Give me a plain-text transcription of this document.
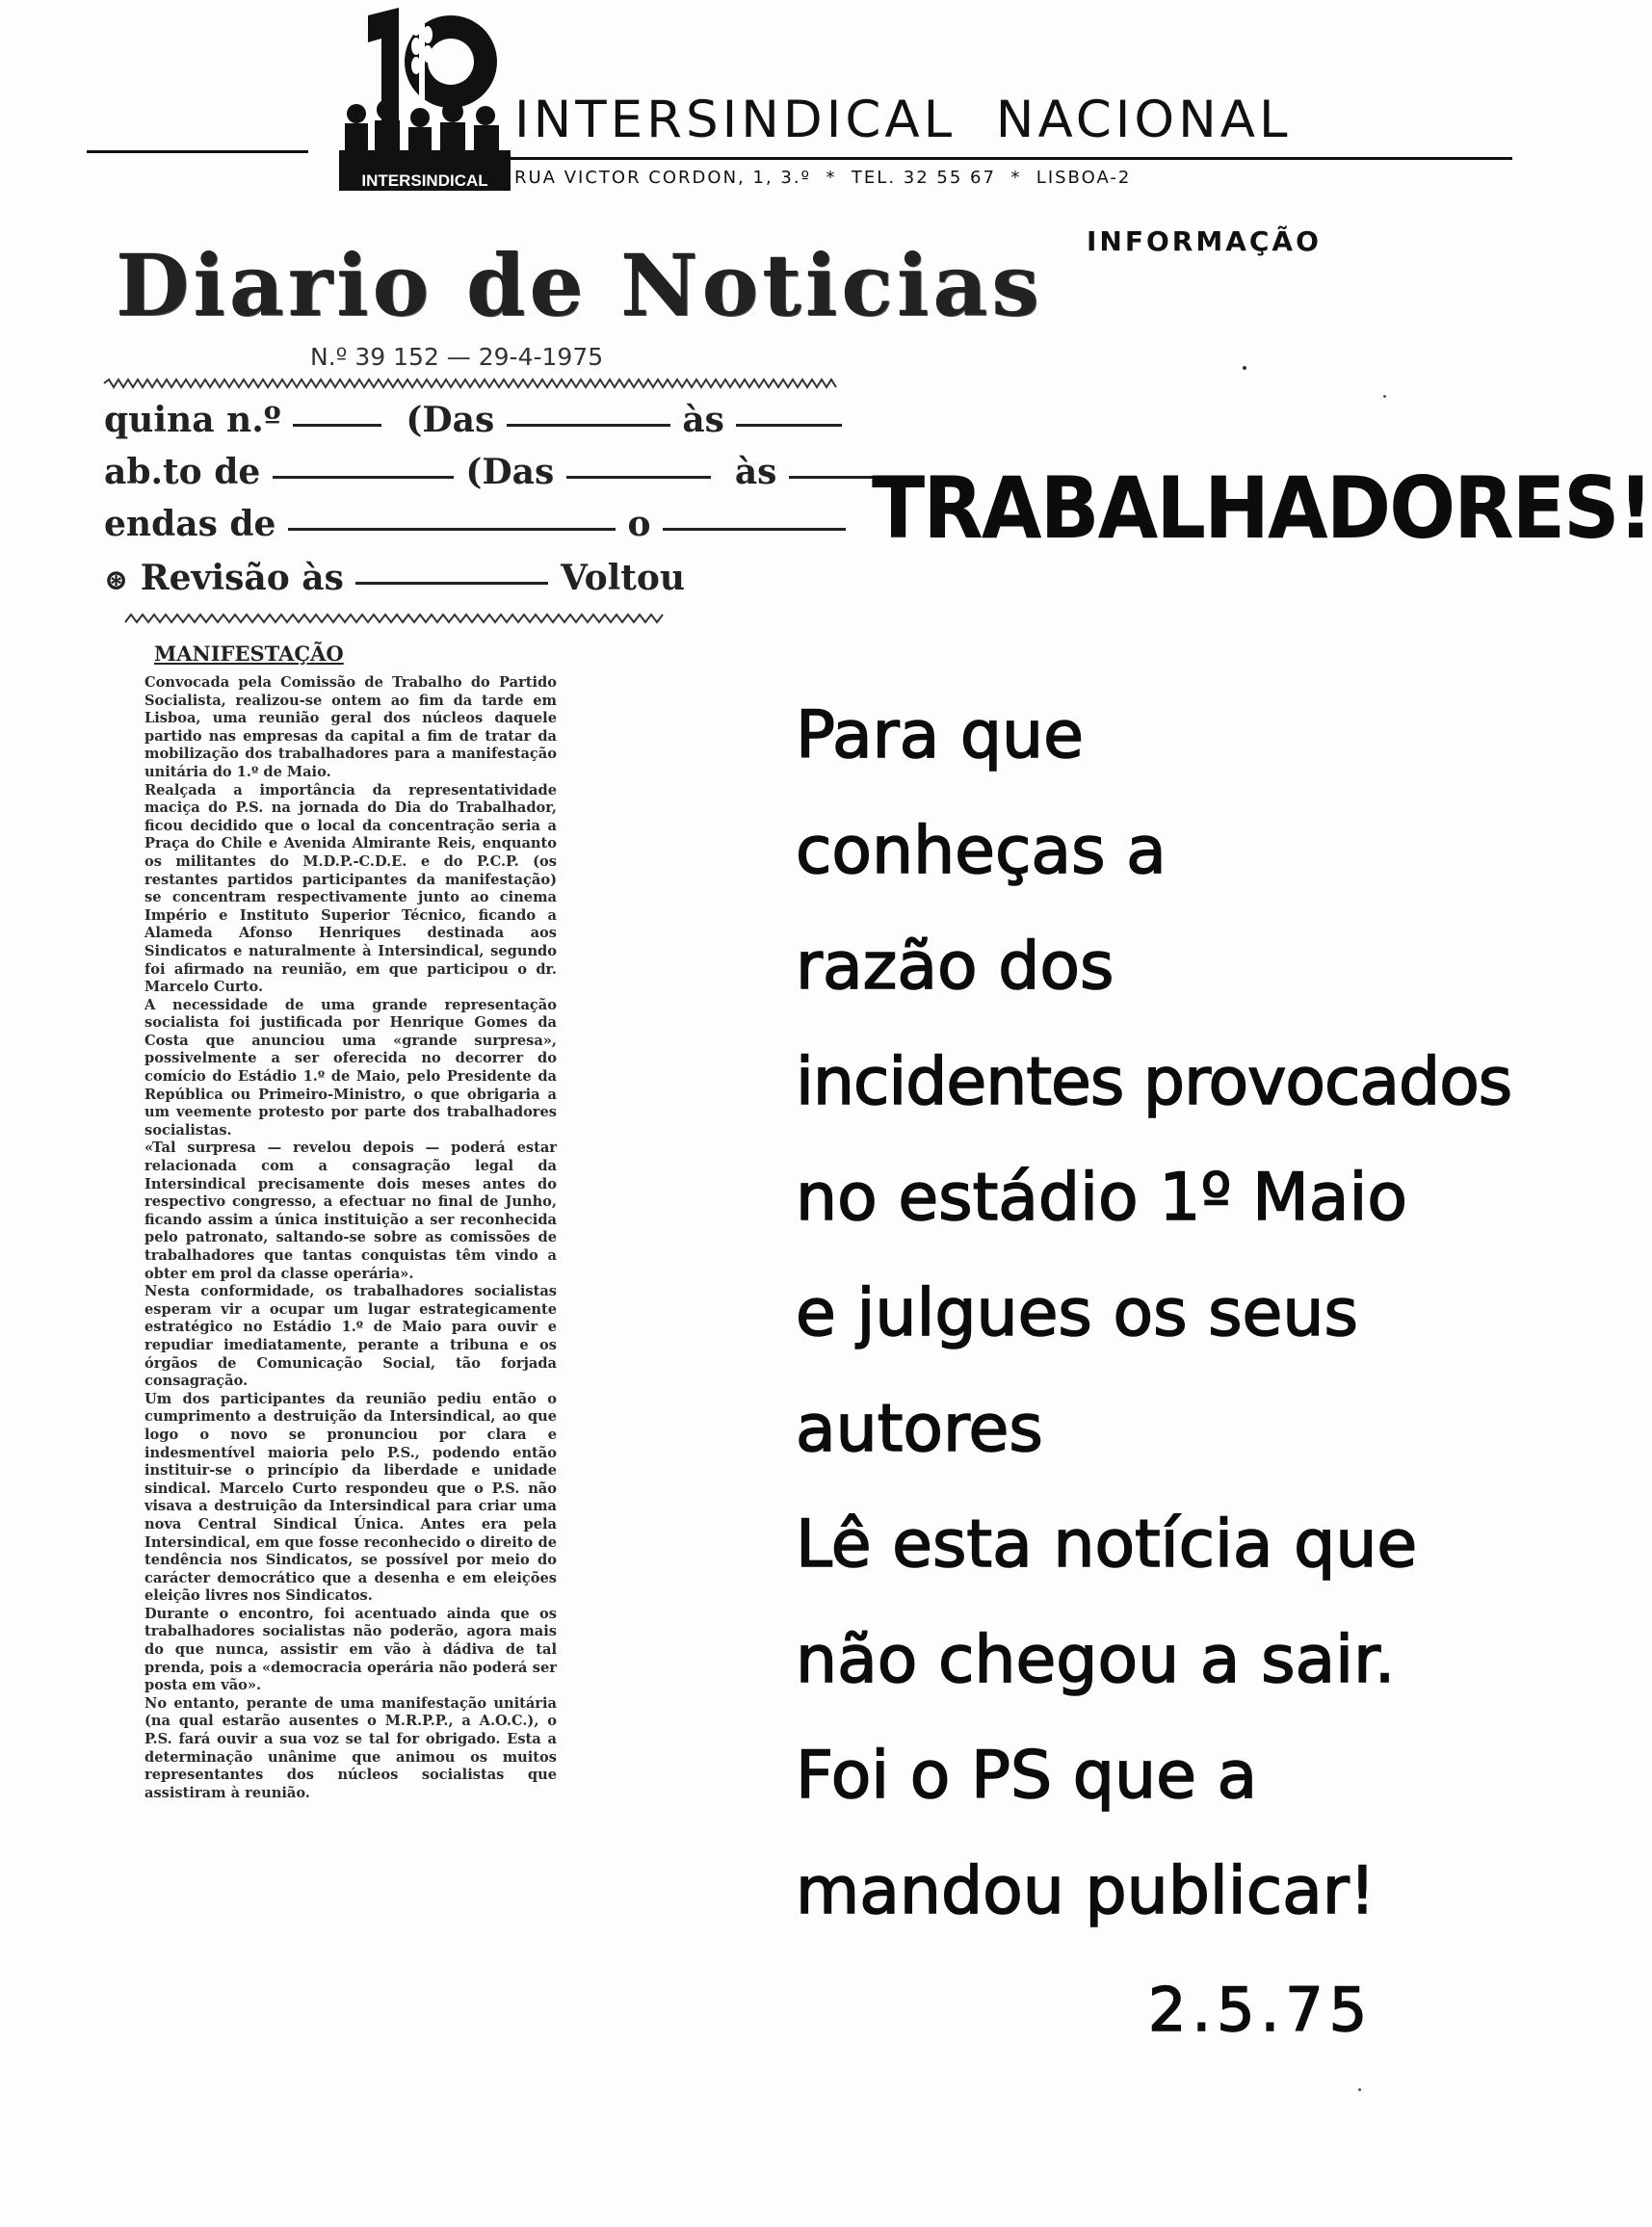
INTERSINDICAL
INTERSINDICAL  NACIONAL
RUA VICTOR CORDON, 1, 3.º  *  TEL. 32 55 67  *  LISBOA-2
INFORMAÇÃO
Diario de Noticias
N.º 39 152 — 29-4-1975
quina n.º	(Das	às
ab.to de	(Das	às
endas de	o
⊛ Revisão às	Voltou
MANIFESTAÇÃO
Convocada pela Comissão de Trabalho do Partido Socialista, realizou-se ontem ao fim da tarde em Lisboa, uma reunião geral dos núcleos daquele partido nas empresas da capital a fim de tratar da mobilização dos trabalhadores para a manifestação unitária do 1.º de Maio.
Realçada a importância da representatividade maciça do P.S. na jornada do Dia do Trabalhador, ficou decidido que o local da concentração seria a Praça do Chile e Avenida Almirante Reis, enquanto os militantes do M.D.P.-C.D.E. e do P.C.P. (os restantes partidos participantes da manifestação) se concentram respectivamente junto ao cinema Império e Instituto Superior Técnico, ficando a Alameda Afonso Henriques destinada aos Sindicatos e naturalmente à Intersindical, segundo foi afirmado na reunião, em que participou o dr. Marcelo Curto.
A necessidade de uma grande representação socialista foi justificada por Henrique Gomes da Costa que anunciou uma «grande surpresa», possivelmente a ser oferecida no decorrer do comício do Estádio 1.º de Maio, pelo Presidente da República ou Primeiro-Ministro, o que obrigaria a um veemente protesto por parte dos trabalhadores socialistas.
«Tal surpresa — revelou depois — poderá estar relacionada com a consagração legal da Intersindical precisamente dois meses antes do respectivo congresso, a efectuar no final de Junho, ficando assim a única instituição a ser reconhecida pelo patronato, saltando-se sobre as comissões de trabalhadores que tantas conquistas têm vindo a obter em prol da classe operária».
Nesta conformidade, os trabalhadores socialistas esperam vir a ocupar um lugar estrategicamente estratégico no Estádio 1.º de Maio para ouvir e repudiar imediatamente, perante a tribuna e os órgãos de Comunicação Social, tão forjada consagração.
Um dos participantes da reunião pediu então o cumprimento a destruição da Intersindical, ao que logo o novo se pronunciou por clara e indesmentível maioria pelo P.S., podendo então instituir-se o princípio da liberdade e unidade sindical. Marcelo Curto respondeu que o P.S. não visava a destruição da Intersindical para criar uma nova Central Sindical Única. Antes era pela Intersindical, em que fosse reconhecido o direito de tendência nos Sindicatos, se possível por meio do carácter democrático que a desenha e em eleições eleição livres nos Sindicatos.
Durante o encontro, foi acentuado ainda que os trabalhadores socialistas não poderão, agora mais do que nunca, assistir em vão à dádiva de tal prenda, pois a «democracia operária não poderá ser posta em vão».
No entanto, perante de uma manifestação unitária (na qual estarão ausentes o M.R.P.P., a A.O.C.), o P.S. fará ouvir a sua voz se tal for obrigado. Esta a determinação unânime que animou os muitos representantes dos núcleos socialistas que assistiram à reunião.
TRABALHADORES!
Para que
conheças a
razão dos
incidentes provocados
no estádio 1º Maio
e julgues os seus
autores
Lê esta notícia que
não chegou a sair.
Foi o PS que a
mandou publicar!
2.5.75
